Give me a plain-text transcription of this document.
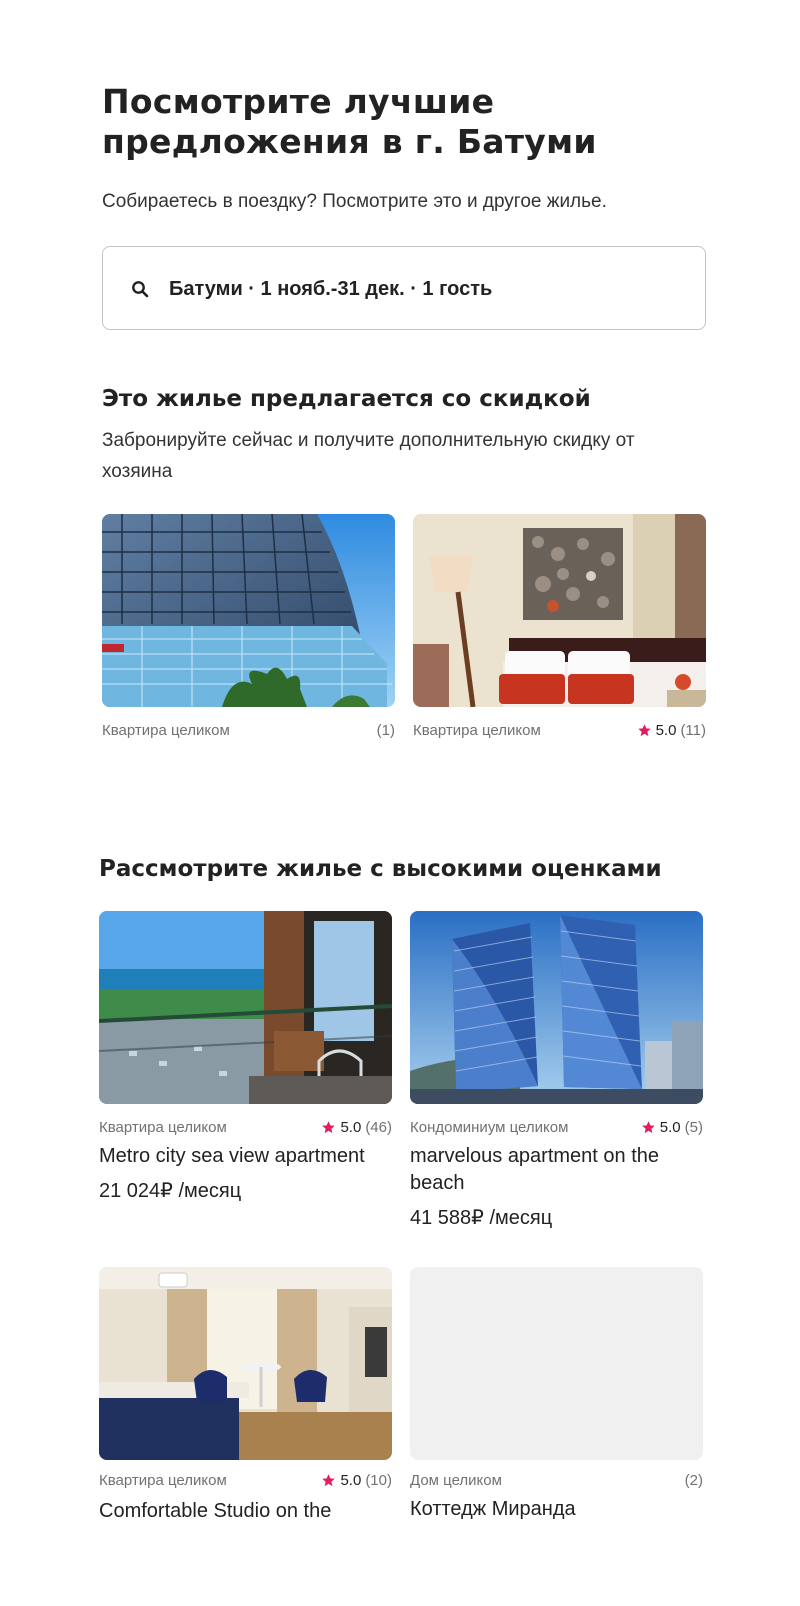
Посмотрите лучшие
предложения в г. Батуми
Собираетесь в поездку? Посмотрите это и другое жилье.
Батуми · 1 нояб.-31 дек. · 1 гость
Это жилье предлагается со скидкой
Забронируйте сейчас и получите дополнительную скидку от хозяина
Квартира целиком	(1) Квартира целиком	5.0 (11)
Рассмотрите жилье с высокими оценками
Квартира целиком	5.0 (46)
Metro city sea view apartment
21 024₽ /месяц
Кондоминиум целиком	5.0 (5)
marvelous apartment on the beach
41 588₽ /месяц
Квартира целиком	5.0 (10)
Comfortable Studio on the
Дом целиком	(2)
Коттедж Миранда
